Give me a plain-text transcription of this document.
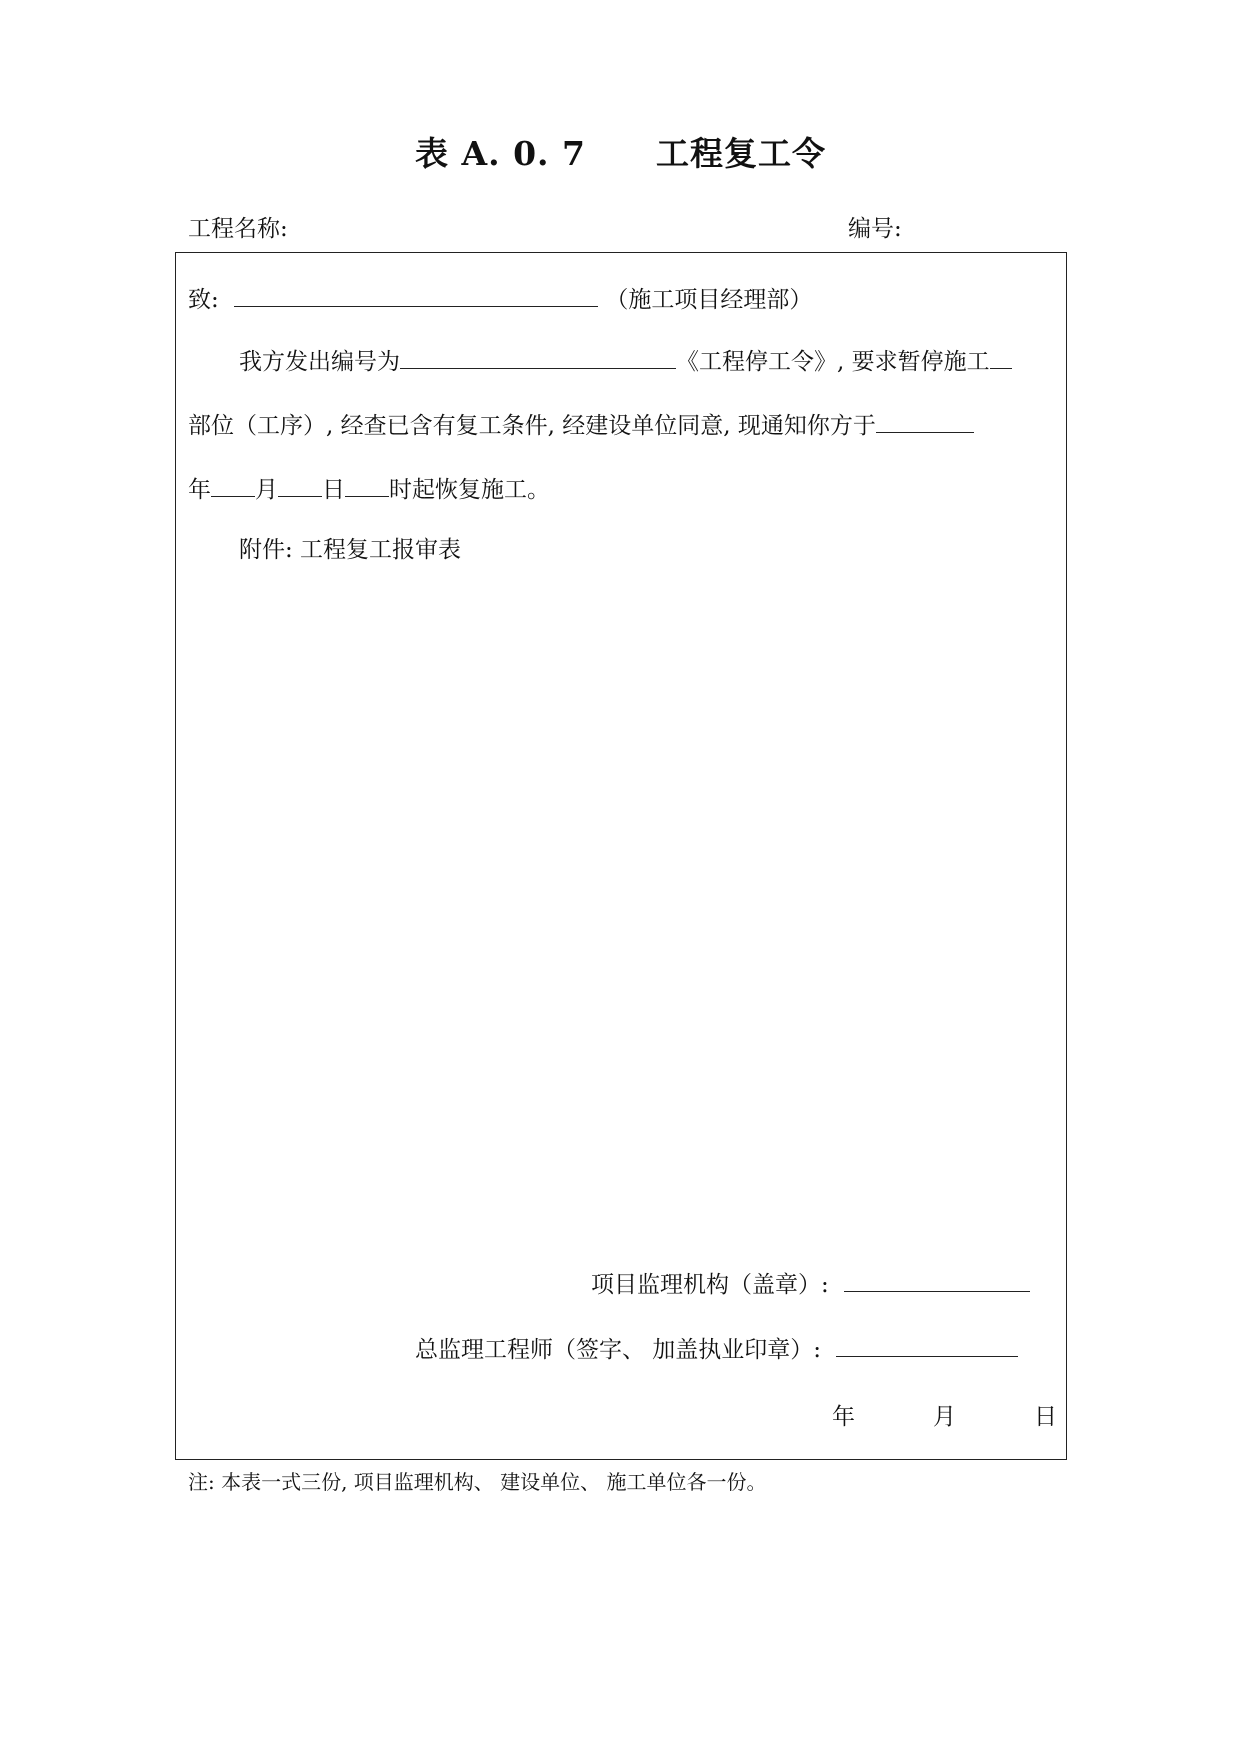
表 A. 0. 7 工程复工令
工程名称:	编号:
致:	（施工项目经理部）
我方发出编号为	《工程停工令》, 要求暂停施工
部位（工序）, 经查已含有复工条件, 经建设单位同意, 现通知你方于
年 月 日 时起恢复施工。
附件: 工程复工报审表
项目监理机构（盖章）:
总监理工程师（签字、 加盖执业印章）:
年	月	日
注: 本表一式三份, 项目监理机构、 建设单位、 施工单位各一份。
